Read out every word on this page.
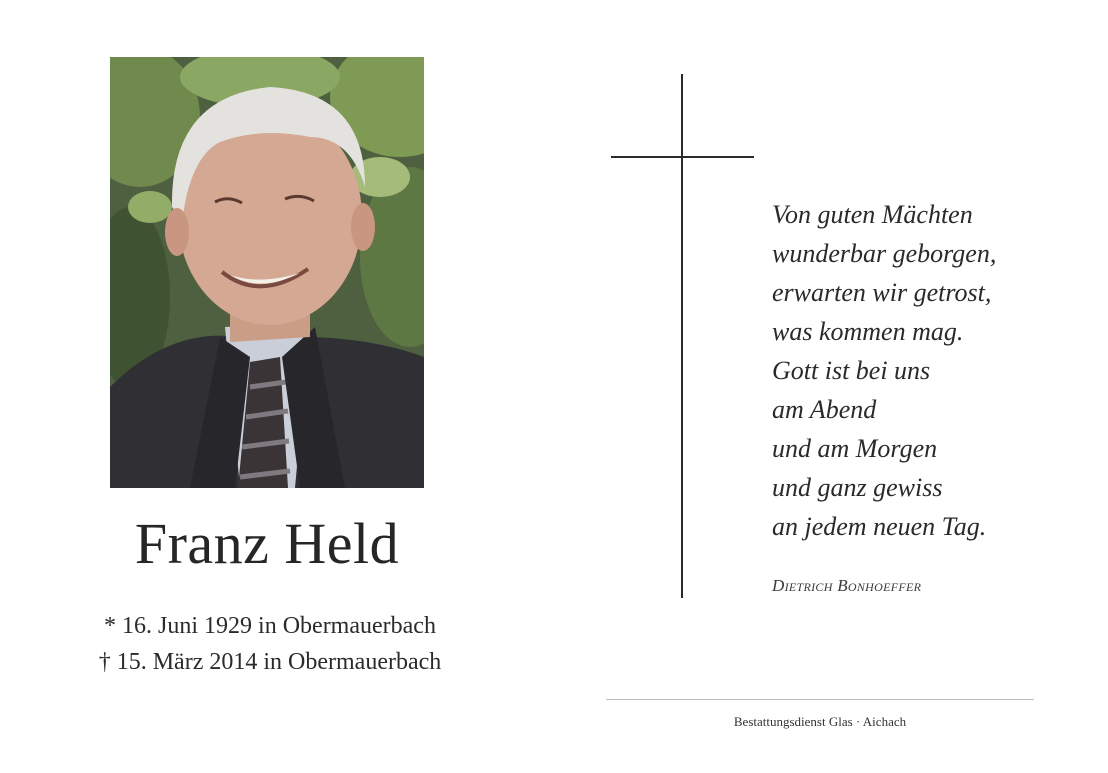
Franz Held
* 16. Juni 1929 in Obermauerbach
† 15. März 2014 in Obermauerbach
Von guten Mächten
wunderbar geborgen,
erwarten wir getrost,
was kommen mag.
Gott ist bei uns
am Abend
und am Morgen
und ganz gewiss
an jedem neuen Tag.
Dietrich Bonhoeffer
Bestattungsdienst Glas · Aichach
